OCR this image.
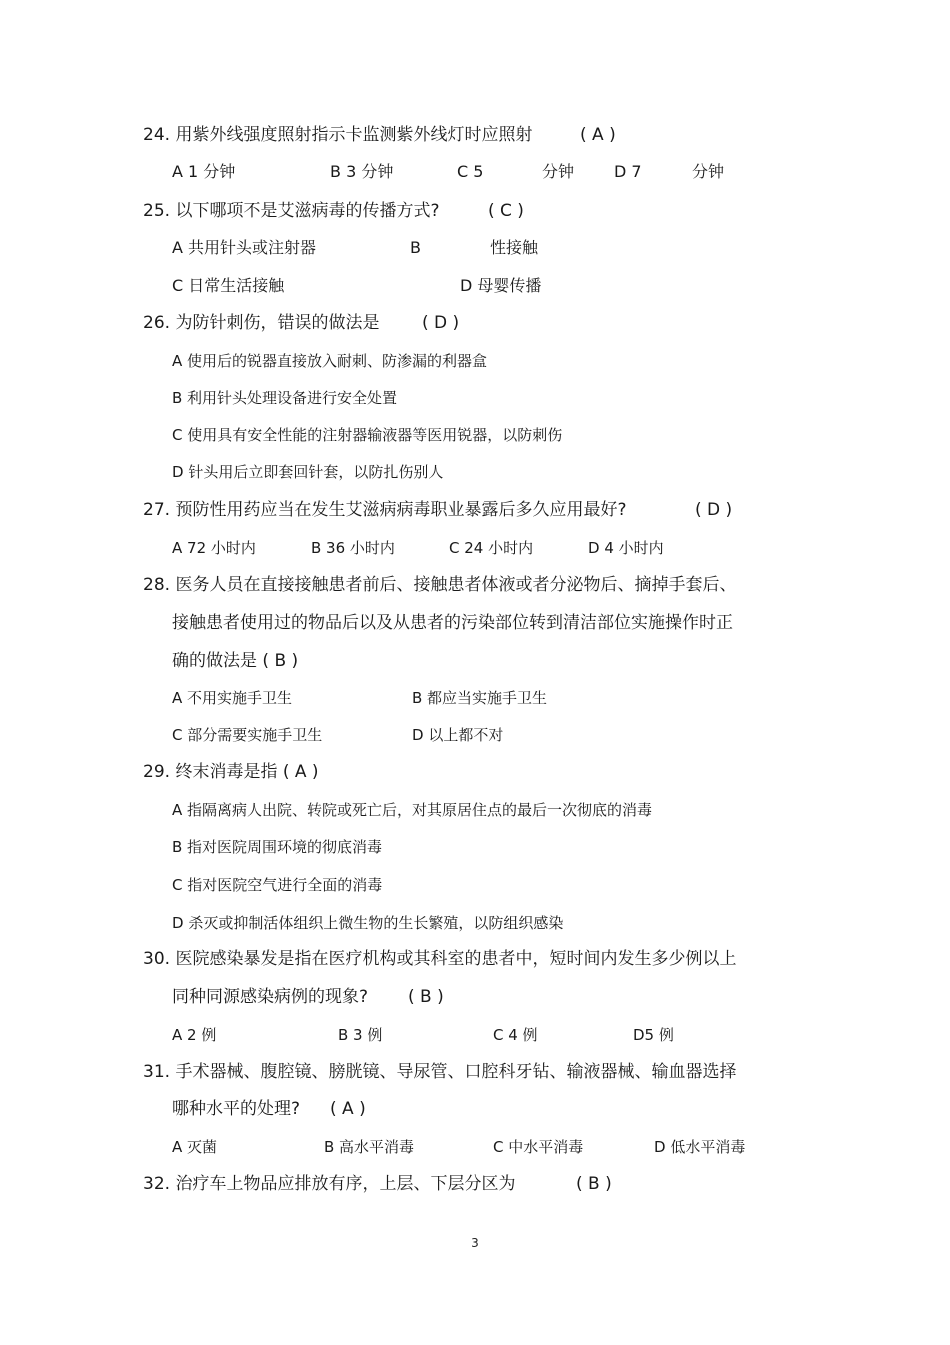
24. 用紫外线强度照射指示卡监测紫外线灯时应照射	( A )
A 1 分钟	B 3 分钟	C 5	分钟 D 7	分钟
25. 以下哪项不是艾滋病毒的传播方式?	( C )
A 共用针头或注射器	B	性接触
C 日常生活接触	D 母婴传播
26. 为防针刺伤，错误的做法是	( D )
A 使用后的锐器直接放入耐刺、防渗漏的利器盒
B 利用针头处理设备进行安全处置
C 使用具有安全性能的注射器输液器等医用锐器，以防刺伤
D 针头用后立即套回针套，以防扎伤别人
27. 预防性用药应当在发生艾滋病病毒职业暴露后多久应用最好?	( D )
A 72 小时内	B 36 小时内	C 24 小时内	D 4 小时内
28. 医务人员在直接接触患者前后、接触患者体液或者分泌物后、摘掉手套后、
接触患者使用过的物品后以及从患者的污染部位转到清洁部位实施操作时正
确的做法是 ( B )
A 不用实施手卫生	B 都应当实施手卫生
C 部分需要实施手卫生	D 以上都不对
29. 终末消毒是指 ( A )
A 指隔离病人出院、转院或死亡后，对其原居住点的最后一次彻底的消毒
B 指对医院周围环境的彻底消毒
C 指对医院空气进行全面的消毒
D 杀灭或抑制活体组织上微生物的生长繁殖，以防组织感染
30. 医院感染暴发是指在医疗机构或其科室的患者中，短时间内发生多少例以上
同种同源感染病例的现象? ( B )
A 2 例	B 3 例	C 4 例	D5 例
31. 手术器械、腹腔镜、膀胱镜、导尿管、口腔科牙钻、输液器械、输血器选择
哪种水平的处理? ( A )
A 灭菌	B 高水平消毒	C 中水平消毒	D 低水平消毒
32. 治疗车上物品应排放有序，上层、下层分区为	( B )
3
